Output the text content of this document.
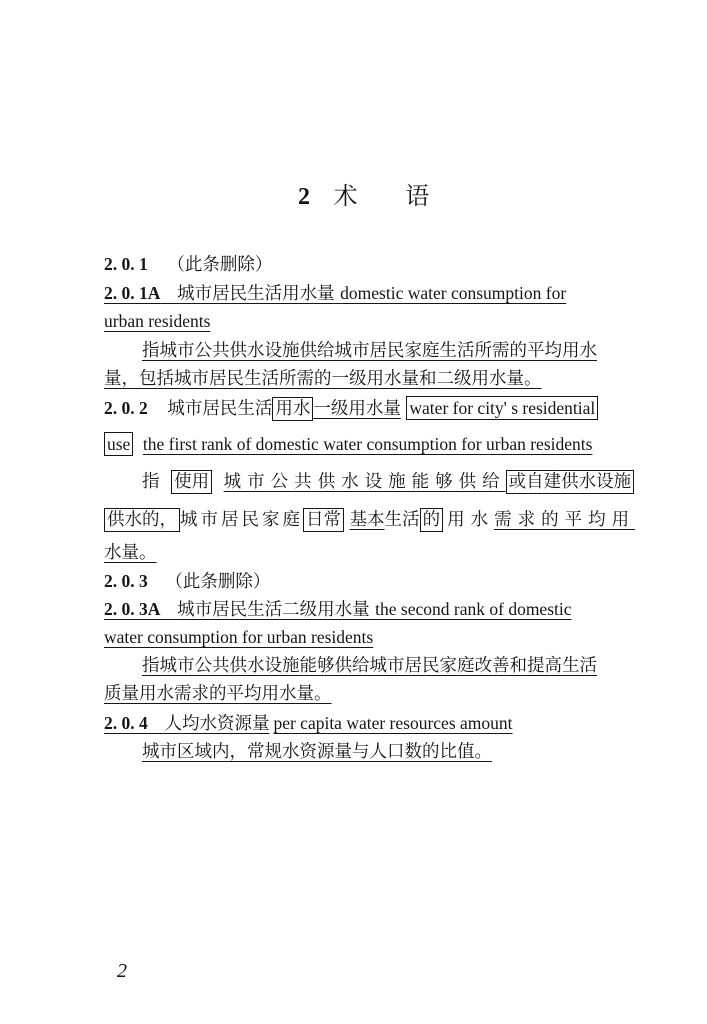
2 术 语
2. 0. 1 （此条删除）
2. 0. 1A 城市居民生活用水量 domestic water consumption for
urban residents
指城市公共供水设施供给城市居民家庭生活所需的平均用水
量，包括城市居民生活所需的一级用水量和二级用水量。
2. 0. 2 城市居民生活 用水 一级用水量 water for city' s residential
use the first rank of domestic water consumption for urban residents
指 使用 城市公共供水设施能够供给 或自建供水设施
供水的， 城市居民家庭 日常 基本生活 的 用水需求的平均用
水量。
2. 0. 3 （此条删除）
2. 0. 3A 城市居民生活二级用水量 the second rank of domestic
water consumption for urban residents
指城市公共供水设施能够供给城市居民家庭改善和提高生活
质量用水需求的平均用水量。
2. 0. 4 人均水资源量 per capita water resources amount
城市区域内，常规水资源量与人口数的比值。
2
